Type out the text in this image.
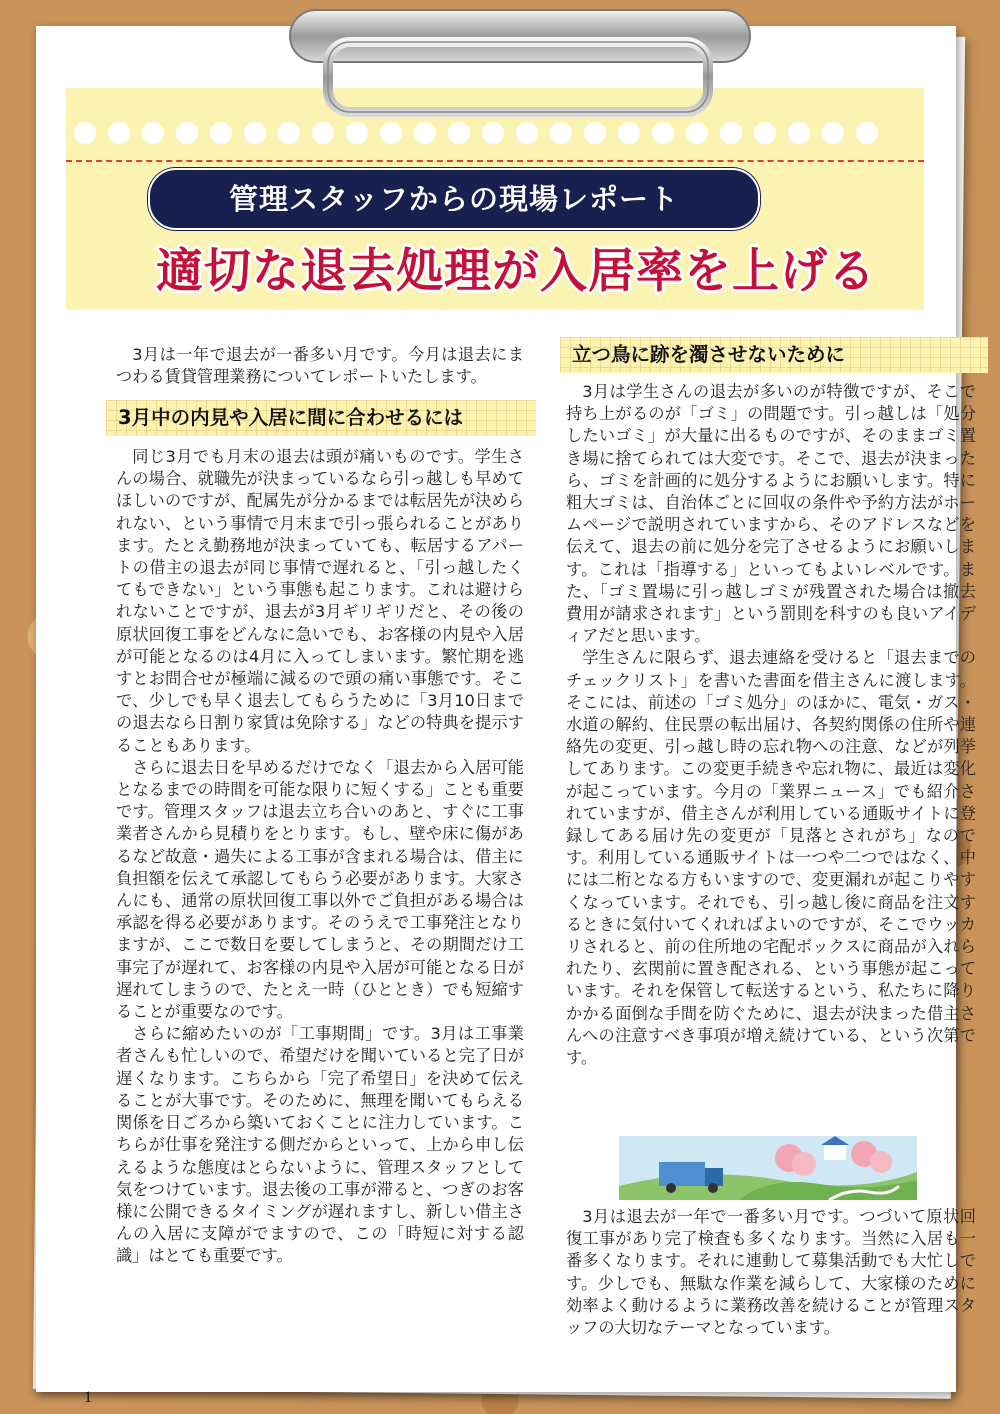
管理スタッフからの現場レポート
適切な退去処理が入居率を上げる

3月は一年で退去が一番多い月です。今月は退去にまつわる賃貸管理業務についてレポートいたします。

3月中の内見や入居に間に合わせるには

同じ3月でも月末の退去は頭が痛いものです。学生さんの場合、就職先が決まっているなら引っ越しも早めてほしいのですが、配属先が分かるまでは転居先が決められない、という事情で月末まで引っ張られることがあります。たとえ勤務地が決まっていても、転居するアパートの借主の退去が同じ事情で遅れると、「引っ越したくてもできない」という事態も起こります。これは避けられないことですが、退去が3月ギリギリだと、その後の原状回復工事をどんなに急いでも、お客様の内見や入居が可能となるのは4月に入ってしまいます。繁忙期を逃すとお問合せが極端に減るので頭の痛い事態です。そこで、少しでも早く退去してもらうために「3月10日までの退去なら日割り家賃は免除する」などの特典を提示することもあります。

さらに退去日を早めるだけでなく「退去から入居可能となるまでの時間を可能な限りに短くする」ことも重要です。管理スタッフは退去立ち合いのあと、すぐに工事業者さんから見積りをとります。もし、壁や床に傷があるなど故意・過失による工事が含まれる場合は、借主に負担額を伝えて承認してもらう必要があります。大家さんにも、通常の原状回復工事以外でご負担がある場合は承認を得る必要があります。そのうえで工事発注となりますが、ここで数日を要してしまうと、その期間だけ工事完了が遅れて、お客様の内見や入居が可能となる日が遅れてしまうので、たとえ一時（ひととき）でも短縮することが重要なのです。

さらに縮めたいのが「工事期間」です。3月は工事業者さんも忙しいので、希望だけを聞いていると完了日が遅くなります。こちらから「完了希望日」を決めて伝えることが大事です。そのために、無理を聞いてもらえる関係を日ごろから築いておくことに注力しています。こちらが仕事を発注する側だからといって、上から申し伝えるような態度はとらないように、管理スタッフとして気をつけています。退去後の工事が滞ると、つぎのお客様に公開できるタイミングが遅れますし、新しい借主さんの入居に支障がでますので、この「時短に対する認識」はとても重要です。

立つ鳥に跡を濁させないために

3月は学生さんの退去が多いのが特徴ですが、そこで持ち上がるのが「ゴミ」の問題です。引っ越しは「処分したいゴミ」が大量に出るものですが、そのままゴミ置き場に捨てられては大変です。そこで、退去が決まったら、ゴミを計画的に処分するようにお願いします。特に粗大ゴミは、自治体ごとに回収の条件や予約方法がホームページで説明されていますから、そのアドレスなどを伝えて、退去の前に処分を完了させるようにお願いします。これは「指導する」といってもよいレベルです。また、「ゴミ置場に引っ越しゴミが残置された場合は撤去費用が請求されます」という罰則を科すのも良いアイディアだと思います。

学生さんに限らず、退去連絡を受けると「退去までのチェックリスト」を書いた書面を借主さんに渡します。そこには、前述の「ゴミ処分」のほかに、電気・ガス・水道の解約、住民票の転出届け、各契約関係の住所や連絡先の変更、引っ越し時の忘れ物への注意、などが列挙してあります。この変更手続きや忘れ物に、最近は変化が起こっています。今月の「業界ニュース」でも紹介されていますが、借主さんが利用している通販サイトに登録してある届け先の変更が「見落とされがち」なのです。利用している通販サイトは一つや二つではなく、中には二桁となる方もいますので、変更漏れが起こりやすくなっています。それでも、引っ越し後に商品を注文するときに気付いてくれればよいのですが、そこでウッカリされると、前の住所地の宅配ボックスに商品が入れられたり、玄関前に置き配される、という事態が起こっています。それを保管して転送するという、私たちに降りかかる面倒な手間を防ぐために、退去が決まった借主さんへの注意すべき事項が増え続けている、という次第です。

3月は退去が一年で一番多い月です。つづいて原状回復工事があり完了検査も多くなります。当然に入居も一番多くなります。それに連動して募集活動でも大忙しです。少しでも、無駄な作業を減らして、大家様のために効率よく動けるように業務改善を続けることが管理スタッフの大切なテーマとなっています。

1
